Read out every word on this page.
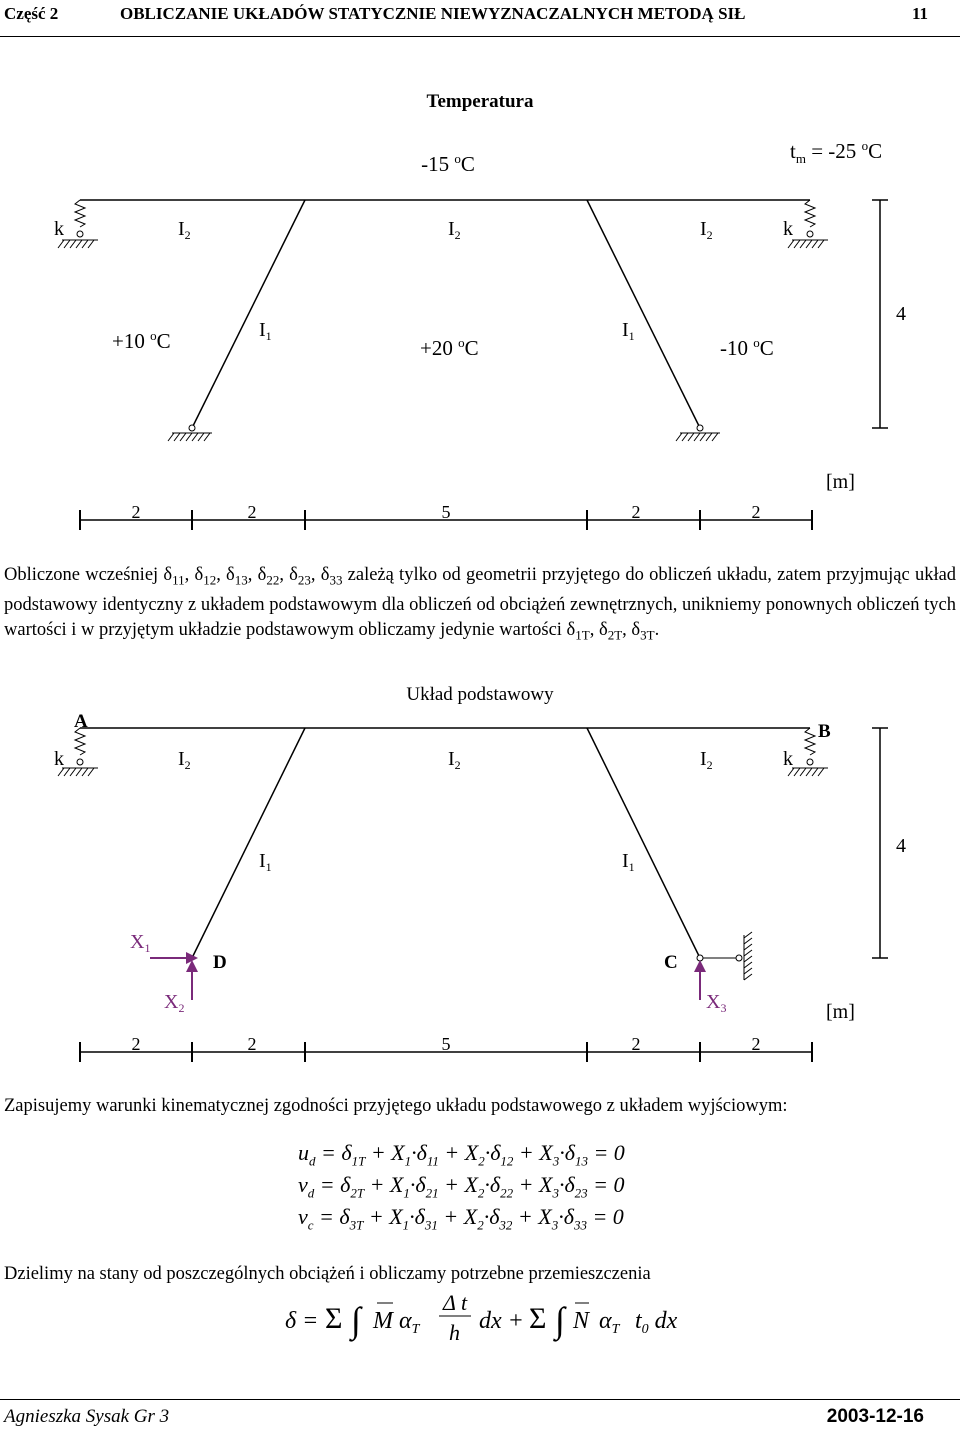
Część 2	OBLICZANIE UKŁADÓW STATYCZNIE NIEWYZNACZALNYCH METODĄ SIŁ	11
Temperatura
-15 $^o$C
$t_m = -25$ $^o$C
k	k
$I_2$	$I_2$	$I_2$
$I_1$	$I_1$
+10 $^o$C	+20 $^o$C	-10 $^o$C
4
[m]
2	2	5	2	2

Obliczone wcześniej $\delta_{11}$, $\delta_{12}$, $\delta_{13}$, $\delta_{22}$, $\delta_{23}$, $\delta_{33}$ zależą tylko od geometrii przyjętego do obliczeń układu, zatem przyjmując układ podstawowy identyczny z układem podstawowym dla obliczeń od obciążeń zewnętrznych, unikniemy ponownych obliczeń tych wartości i w przyjętym układzie podstawowym obliczamy jedynie wartości $\delta_{1T}$, $\delta_{2T}$, $\delta_{3T}$.

Układ podstawowy
A	B
k	k
$I_2$	$I_2$	$I_2$
$I_1$	$I_1$
$X_1$
$X_2$
D
$X_3$
C
4
[m]
2	2	5	2	2
Zapisujemy warunki kinematycznej zgodności przyjętego układu podstawowego z układem wyjściowym:
$u_d = \delta_{1T} + X_1\cdot\delta_{11} + X_2\cdot\delta_{12} + X_3\cdot\delta_{13} = 0$
$v_d = \delta_{2T} + X_1\cdot\delta_{21} + X_2\cdot\delta_{22} + X_3\cdot\delta_{23} = 0$
$v_c = \delta_{3T} + X_1\cdot\delta_{31} + X_2\cdot\delta_{32} + X_3\cdot\delta_{33} = 0$
Dzielimy na stany od poszczególnych obciążeń i obliczamy potrzebne przemieszczenia
δ = Σ ∫ M $\alpha_T$
Δ t
h dx + Σ ∫ N $\alpha_T$ $t_0$ dx
Agnieszka Sysak Gr 3	2003-12-16
